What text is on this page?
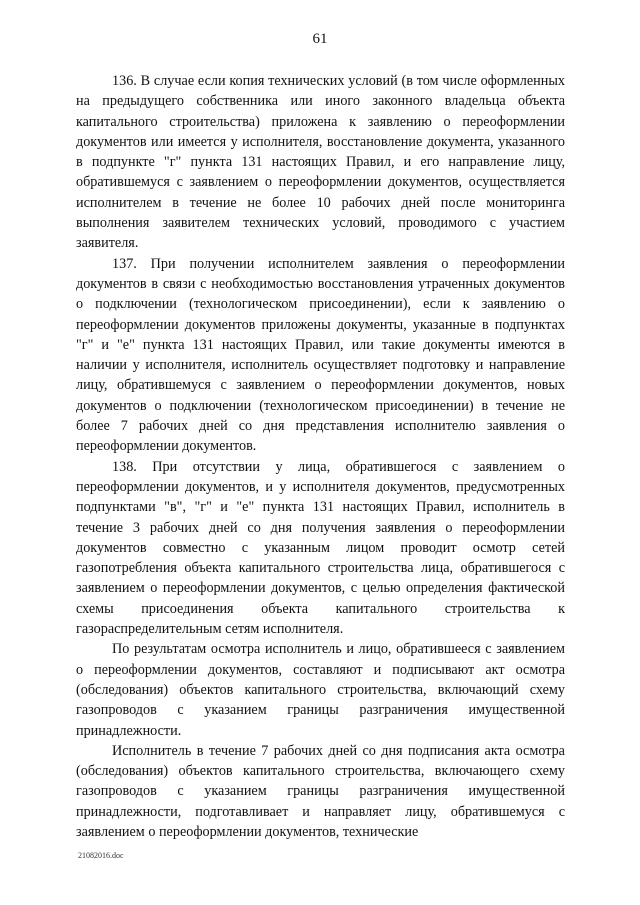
61

136. В случае если копия технических условий (в том числе оформленных на предыдущего собственника или иного законного владельца объекта капитального строительства) приложена к заявлению о переоформлении документов или имеется у исполнителя, восстановление документа, указанного в подпункте "г" пункта 131 настоящих Правил, и его направление лицу, обратившемуся с заявлением о переоформлении документов, осуществляется исполнителем в течение не более 10 рабочих дней после мониторинга выполнения заявителем технических условий, проводимого с участием заявителя.

137. При получении исполнителем заявления о переоформлении документов в связи с необходимостью восстановления утраченных документов о подключении (технологическом присоединении), если к заявлению о переоформлении документов приложены документы, указанные в подпунктах "г" и "е" пункта 131 настоящих Правил, или такие документы имеются в наличии у исполнителя, исполнитель осуществляет подготовку и направление лицу, обратившемуся с заявлением о переоформлении документов, новых документов о подключении (технологическом присоединении) в течение не более 7 рабочих дней со дня представления исполнителю заявления о переоформлении документов.

138. При отсутствии у лица, обратившегося с заявлением о переоформлении документов, и у исполнителя документов, предусмотренных подпунктами "в", "г" и "е" пункта 131 настоящих Правил, исполнитель в течение 3 рабочих дней со дня получения заявления о переоформлении документов совместно с указанным лицом проводит осмотр сетей газопотребления объекта капитального строительства лица, обратившегося с заявлением о переоформлении документов, с целью определения фактической схемы присоединения объекта капитального строительства к газораспределительным сетям исполнителя.

По результатам осмотра исполнитель и лицо, обратившееся с заявлением о переоформлении документов, составляют и подписывают акт осмотра (обследования) объектов капитального строительства, включающий схему газопроводов с указанием границы разграничения имущественной принадлежности.

Исполнитель в течение 7 рабочих дней со дня подписания акта осмотра (обследования) объектов капитального строительства, включающего схему газопроводов с указанием границы разграничения имущественной принадлежности, подготавливает и направляет лицу, обратившемуся с заявлением о переоформлении документов, технические

21082016.doc
